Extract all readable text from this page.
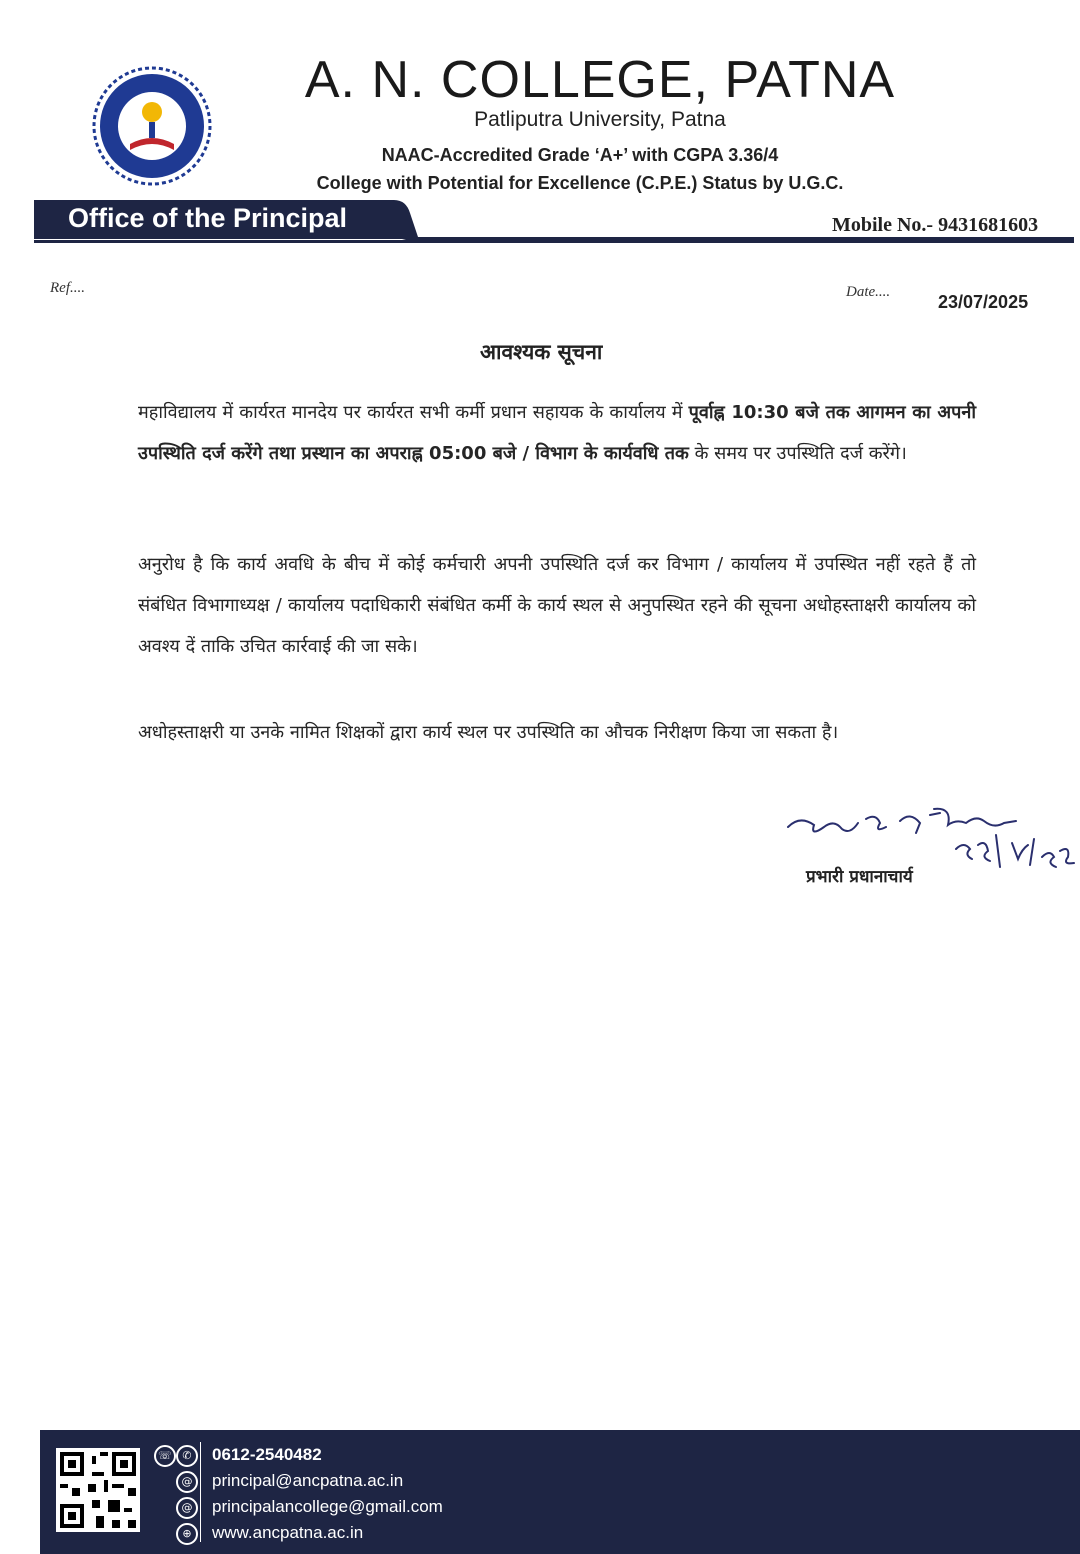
A. N. COLLEGE, PATNA
Patliputra University, Patna
NAAC-Accredited Grade ‘A+’ with CGPA 3.36/4
College with Potential for Excellence (C.P.E.) Status by U.G.C.
Office of the Principal	Mobile No.- 9431681603
Ref....	Date....	23/07/2025
आवश्यक सूचना
महाविद्यालय में कार्यरत मानदेय पर कार्यरत सभी कर्मी प्रधान सहायक के कार्यालय में पूर्वाह्न 10:30 बजे तक आगमन का अपनी उपस्थिति दर्ज करेंगे तथा प्रस्थान का अपराह्न 05:00 बजे / विभाग के कार्यवधि तक के समय पर उपस्थिति दर्ज करेंगे।
अनुरोध है कि कार्य अवधि के बीच में कोई कर्मचारी अपनी उपस्थिति दर्ज कर विभाग / कार्यालय में उपस्थित नहीं रहते हैं तो संबंधित विभागाध्यक्ष / कार्यालय पदाधिकारी संबंधित कर्मी के कार्य स्थल से अनुपस्थित रहने की सूचना अधोहस्ताक्षरी कार्यालय को अवश्य दें ताकि उचित कार्रवाई की जा सके।
अधोहस्ताक्षरी या उनके नामित शिक्षकों द्वारा कार्य स्थल पर उपस्थिति का औचक निरीक्षण किया जा सकता है।
प्रभारी प्रधानाचार्य
☏ ✆
@
@
⊕
0612-2540482
principal@ancpatna.ac.in
principalancollege@gmail.com
www.ancpatna.ac.in
